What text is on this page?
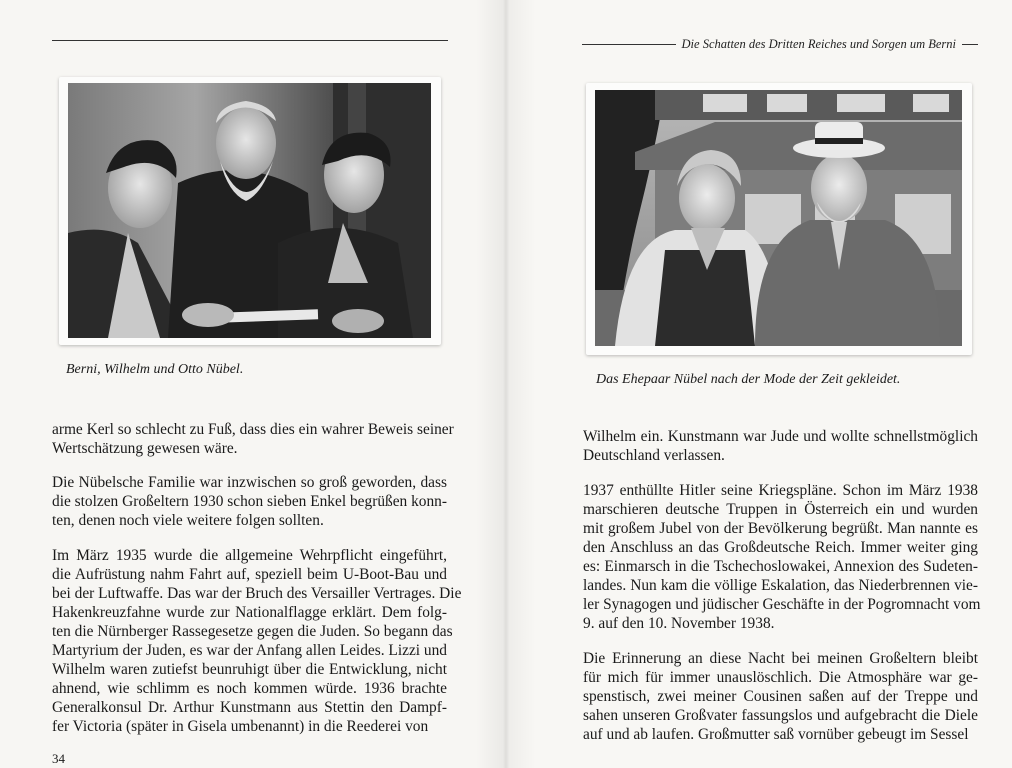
Berni, Wilhelm und Otto Nübel.

arme Kerl so schlecht zu Fuß, dass dies ein wahrer Beweis seiner
Wertschätzung gewesen wäre.

Die Nübelsche Familie war inzwischen so groß geworden, dass
die stolzen Großeltern 1930 schon sieben Enkel begrüßen konn-
ten, denen noch viele weitere folgen sollten.

Im März 1935 wurde die allgemeine Wehrpflicht eingeführt,
die Aufrüstung nahm Fahrt auf, speziell beim U-Boot-Bau und
bei der Luftwaffe. Das war der Bruch des Versailler Vertrages. Die
Hakenkreuzfahne wurde zur Nationalflagge erklärt. Dem folg-
ten die Nürnberger Rassegesetze gegen die Juden. So begann das
Martyrium der Juden, es war der Anfang allen Leides. Lizzi und
Wilhelm waren zutiefst beunruhigt über die Entwicklung, nicht
ahnend, wie schlimm es noch kommen würde. 1936 brachte
Generalkonsul Dr. Arthur Kunstmann aus Stettin den Dampf-
fer Victoria (später in Gisela umbenannt) in die Reederei von

34
Die Schatten des Dritten Reiches und Sorgen um Berni
Das Ehepaar Nübel nach der Mode der Zeit gekleidet.

Wilhelm ein. Kunstmann war Jude und wollte schnellstmöglich
Deutschland verlassen.

1937 enthüllte Hitler seine Kriegspläne. Schon im März 1938
marschieren deutsche Truppen in Österreich ein und wurden
mit großem Jubel von der Bevölkerung begrüßt. Man nannte es
den Anschluss an das Großdeutsche Reich. Immer weiter ging
es: Einmarsch in die Tschechoslowakei, Annexion des Sudeten-
landes. Nun kam die völlige Eskalation, das Niederbrennen vie-
ler Synagogen und jüdischer Geschäfte in der Pogromnacht vom
9. auf den 10. November 1938.

Die Erinnerung an diese Nacht bei meinen Großeltern bleibt
für mich für immer unauslöschlich. Die Atmosphäre war ge-
spenstisch, zwei meiner Cousinen saßen auf der Treppe und
sahen unseren Großvater fassungslos und aufgebracht die Diele
auf und ab laufen. Großmutter saß vornüber gebeugt im Sessel
